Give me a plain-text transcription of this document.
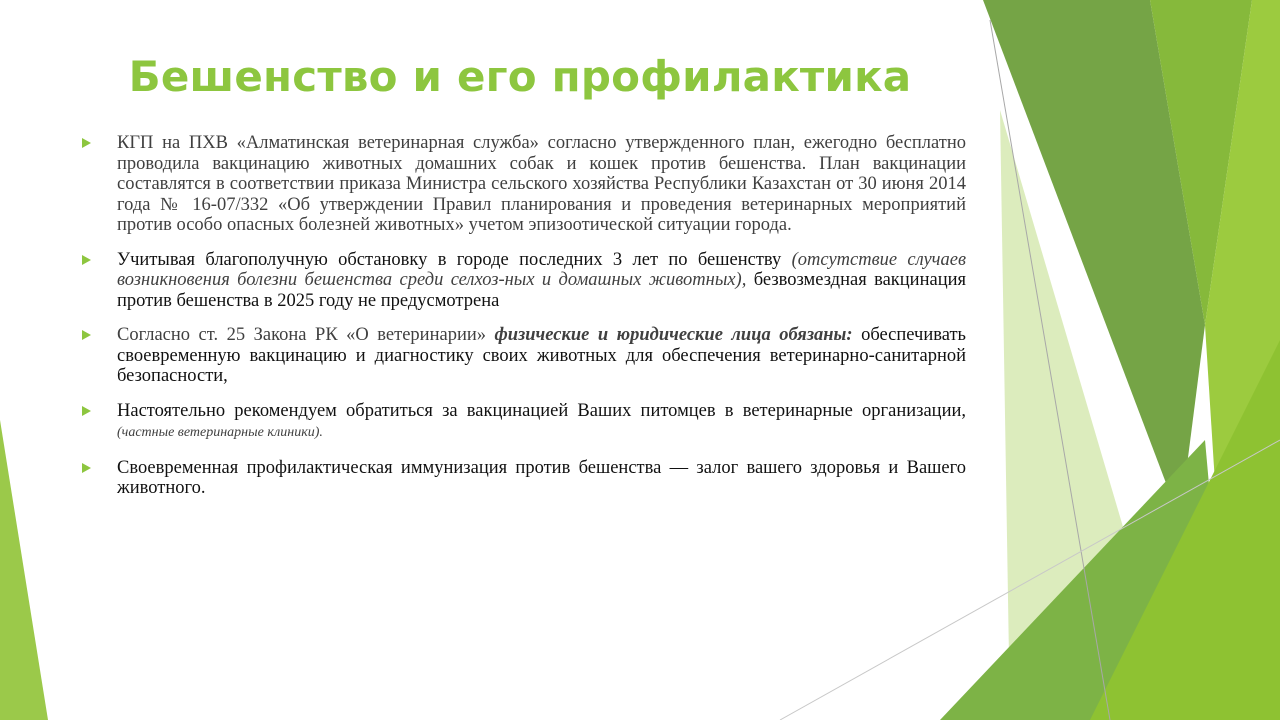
Бешенство и его профилактика
КГП на ПХВ «Алматинская ветеринарная служба» согласно утвержденного план, ежегодно бесплатно проводила вакцинацию животных домашних собак и кошек против бешенства. План вакцинации составлятся в соответствии приказа Министра сельского хозяйства Республики Казахстан от 30 июня 2014 года № 16-07/332 «Об утверждении Правил планирования и проведения ветеринарных мероприятий против особо опасных болезней животных» учетом эпизоотической ситуации города.
Учитывая благополучную обстановку в городе последних 3 лет по бешенству (отсутствие случаев возникновения болезни бешенства среди селхоз-ных и домашных животных), безвозмездная вакцинация против бешенства в 2025 году не предусмотрена
Согласно ст. 25 Закона РК «О ветеринарии» физические и юридические лица обязаны: обеспечивать своевременную вакцинацию и диагностику своих животных для обеспечения ветеринарно-санитарной безопасности,
Настоятельно рекомендуем обратиться за вакцинацией Ваших питомцев в ветеринарные организации, (частные ветеринарные клиники).
Своевременная профилактическая иммунизация против бешенства — залог вашего здоровья и Вашего животного.
